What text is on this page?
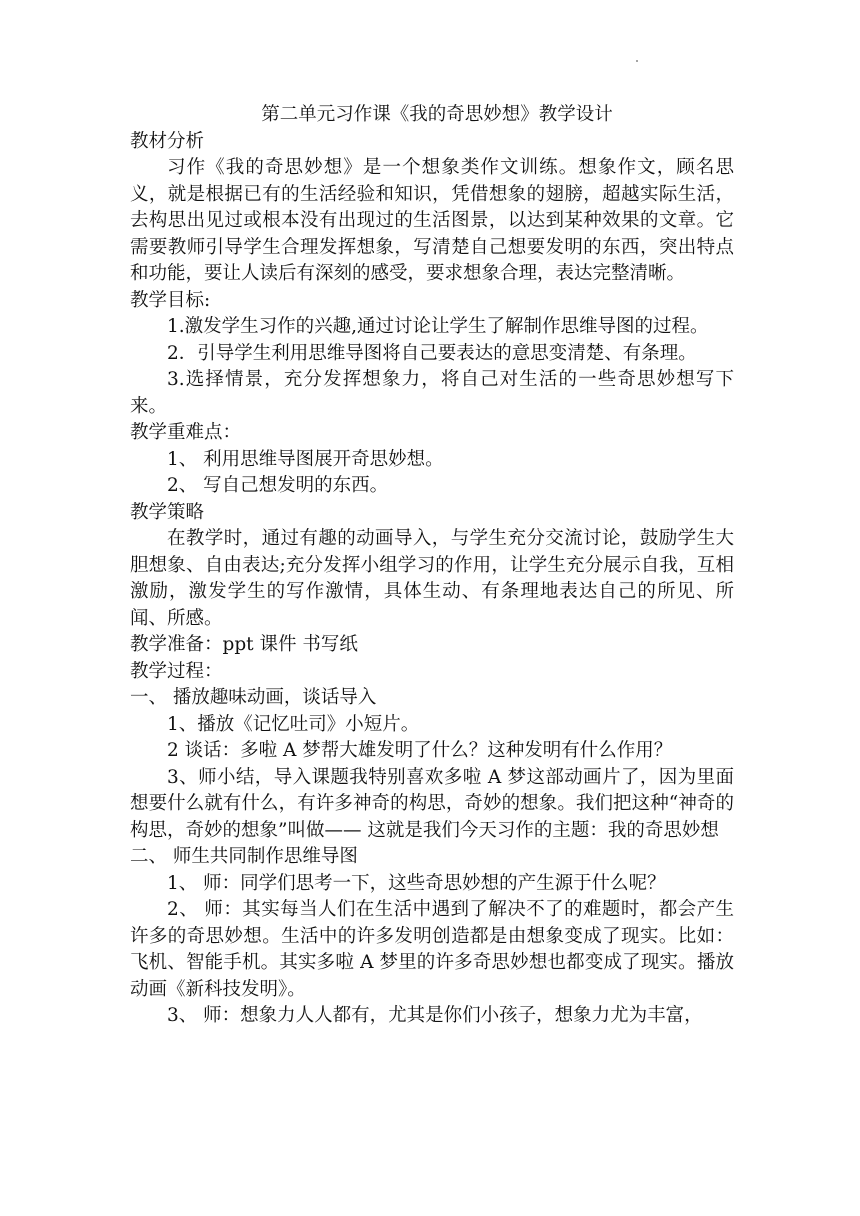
第二单元习作课《我的奇思妙想》教学设计

教材分析

习作《我的奇思妙想》是一个想象类作文训练。想象作文，顾名思义，就是根据已有的生活经验和知识，凭借想象的翅膀，超越实际生活，去构思出见过或根本没有出现过的生活图景，以达到某种效果的文章。它需要教师引导学生合理发挥想象，写清楚自己想要发明的东西，突出特点和功能，要让人读后有深刻的感受，要求想象合理，表达完整清晰。

教学目标:

1.激发学生习作的兴趣,通过讨论让学生了解制作思维导图的过程。

2．引导学生利用思维导图将自己要表达的意思变清楚、有条理。

3.选择情景，充分发挥想象力，将自己对生活的一些奇思妙想写下来。

教学重难点：

1、 利用思维导图展开奇思妙想。

2、 写自己想发明的东西。

教学策略

在教学时，通过有趣的动画导入，与学生充分交流讨论，鼓励学生大胆想象、自由表达;充分发挥小组学习的作用，让学生充分展示自我，互相激励，激发学生的写作激情，具体生动、有条理地表达自己的所见、所闻、所感。

教学准备：ppt 课件 书写纸

教学过程：

一、 播放趣味动画，谈话导入

1、播放《记忆吐司》小短片。

2 谈话：多啦 A 梦帮大雄发明了什么？这种发明有什么作用？

3、师小结，导入课题我特别喜欢多啦 A 梦这部动画片了，因为里面想要什么就有什么，有许多神奇的构思，奇妙的想象。我们把这种“神奇的构思，奇妙的想象”叫做—— 这就是我们今天习作的主题：我的奇思妙想

二、 师生共同制作思维导图

1、 师：同学们思考一下，这些奇思妙想的产生源于什么呢？

2、 师：其实每当人们在生活中遇到了解决不了的难题时，都会产生许多的奇思妙想。生活中的许多发明创造都是由想象变成了现实。比如：飞机、智能手机。其实多啦 A 梦里的许多奇思妙想也都变成了现实。播放动画《新科技发明》。

3、 师：想象力人人都有，尤其是你们小孩子，想象力尤为丰富，
